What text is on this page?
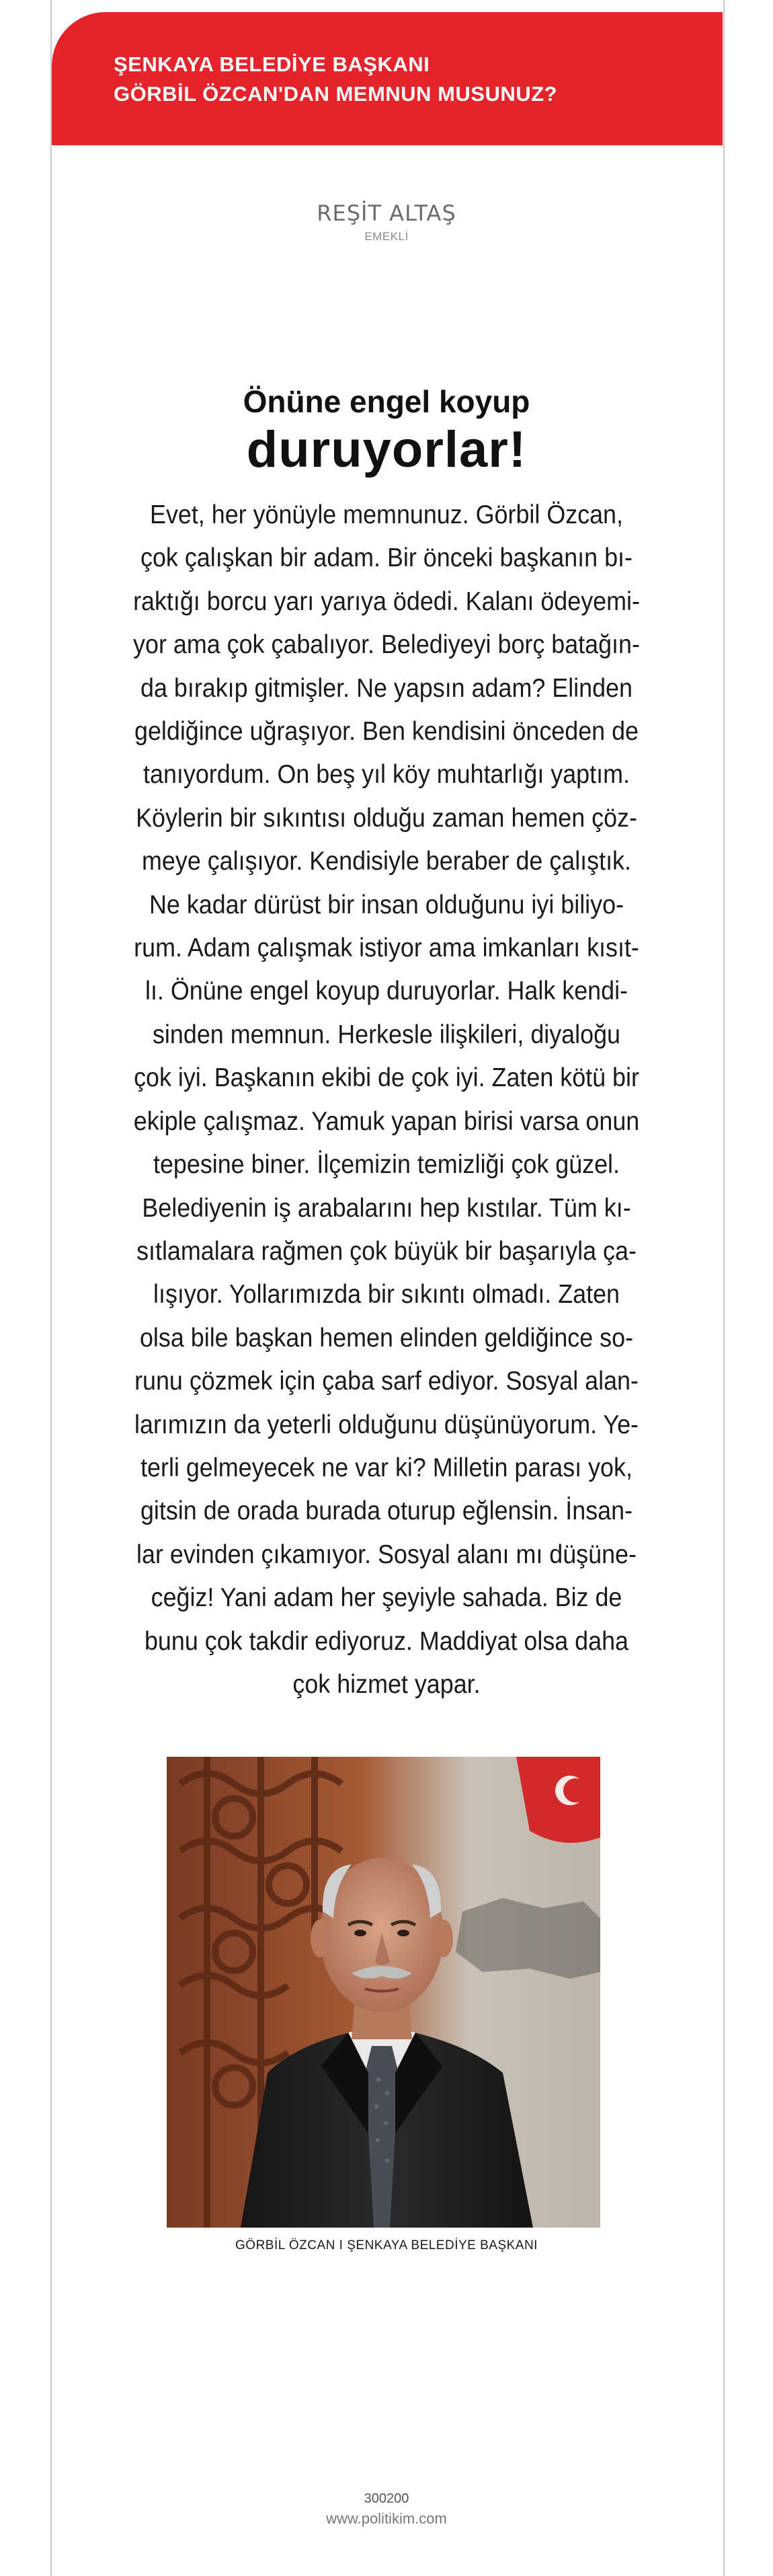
ŞENKAYA BELEDİYE BAŞKANI
GÖRBİL ÖZCAN'DAN MEMNUN MUSUNUZ?
REŞİT ALTAŞ
EMEKLİ
Önüne engel koyup
duruyorlar!
Evet, her yönüyle memnunuz. Görbil Özcan,
çok çalışkan bir adam. Bir önceki başkanın bı-
raktığı borcu yarı yarıya ödedi. Kalanı ödeyemi-
yor ama çok çabalıyor. Belediyeyi borç batağın-
da bırakıp gitmişler. Ne yapsın adam? Elinden
geldiğince uğraşıyor. Ben kendisini önceden de
tanıyordum. On beş yıl köy muhtarlığı yaptım.
Köylerin bir sıkıntısı olduğu zaman hemen çöz-
meye çalışıyor. Kendisiyle beraber de çalıştık.
Ne kadar dürüst bir insan olduğunu iyi biliyo-
rum. Adam çalışmak istiyor ama imkanları kısıt-
lı. Önüne engel koyup duruyorlar. Halk kendi-
sinden memnun. Herkesle ilişkileri, diyaloğu
çok iyi. Başkanın ekibi de çok iyi. Zaten kötü bir
ekiple çalışmaz. Yamuk yapan birisi varsa onun
tepesine biner. İlçemizin temizliği çok güzel.
Belediyenin iş arabalarını hep kıstılar. Tüm kı-
sıtlamalara rağmen çok büyük bir başarıyla ça-
lışıyor. Yollarımızda bir sıkıntı olmadı. Zaten
olsa bile başkan hemen elinden geldiğince so-
runu çözmek için çaba sarf ediyor. Sosyal alan-
larımızın da yeterli olduğunu düşünüyorum. Ye-
terli gelmeyecek ne var ki? Milletin parası yok,
gitsin de orada burada oturup eğlensin. İnsan-
lar evinden çıkamıyor. Sosyal alanı mı düşüne-
ceğiz! Yani adam her şeyiyle sahada. Biz de
bunu çok takdir ediyoruz. Maddiyat olsa daha
çok hizmet yapar.
GÖRBİL ÖZCAN I ŞENKAYA BELEDİYE BAŞKANI
300200
www.politikim.com
